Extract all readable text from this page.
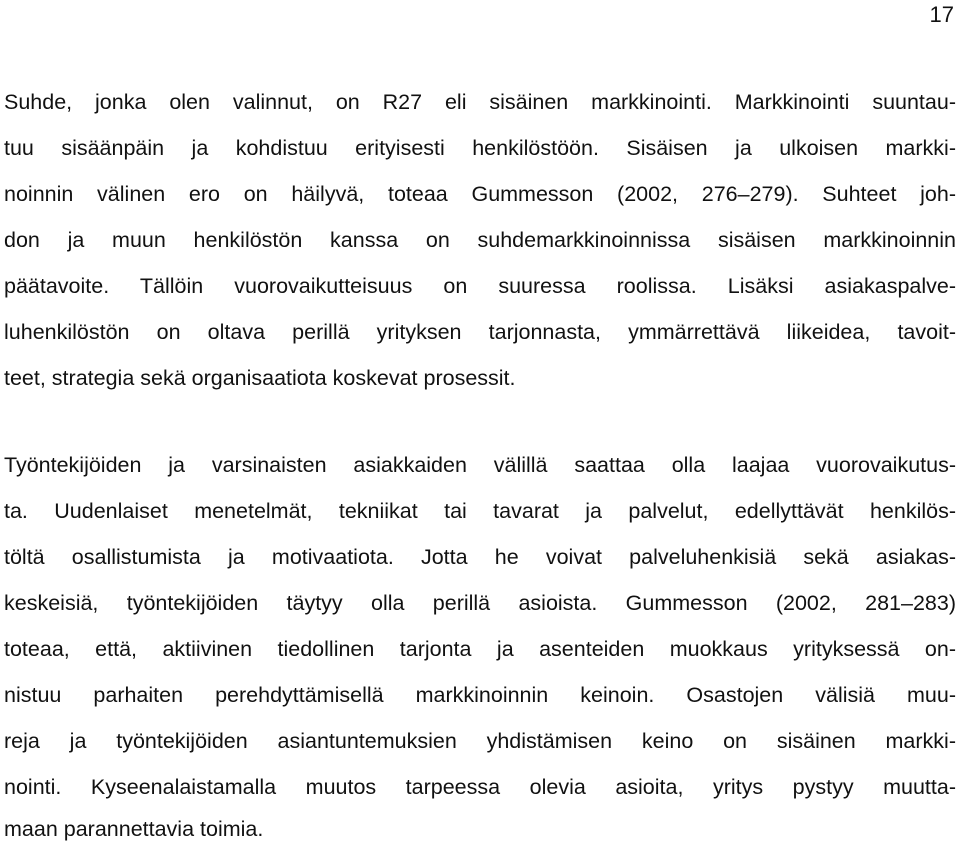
17
Suhde, jonka olen valinnut, on R27 eli sisäinen markkinointi. Markkinointi suuntau-
tuu sisäänpäin ja kohdistuu erityisesti henkilöstöön. Sisäisen ja ulkoisen markki-
noinnin välinen ero on häilyvä, toteaa Gummesson (2002, 276–279). Suhteet joh-
don ja muun henkilöstön kanssa on suhdemarkkinoinnissa sisäisen markkinoinnin
päätavoite. Tällöin vuorovaikutteisuus on suuressa roolissa. Lisäksi asiakaspalve-
luhenkilöstön on oltava perillä yrityksen tarjonnasta, ymmärrettävä liikeidea, tavoit-
teet, strategia sekä organisaatiota koskevat prosessit.
Työntekijöiden ja varsinaisten asiakkaiden välillä saattaa olla laajaa vuorovaikutus-
ta. Uudenlaiset menetelmät, tekniikat tai tavarat ja palvelut, edellyttävät henkilös-
töltä osallistumista ja motivaatiota. Jotta he voivat palveluhenkisiä sekä asiakas-
keskeisiä, työntekijöiden täytyy olla perillä asioista. Gummesson (2002, 281–283)
toteaa, että, aktiivinen tiedollinen tarjonta ja asenteiden muokkaus yrityksessä on-
nistuu parhaiten perehdyttämisellä markkinoinnin keinoin. Osastojen välisiä muu-
reja ja työntekijöiden asiantuntemuksien yhdistämisen keino on sisäinen markki-
nointi. Kyseenalaistamalla muutos tarpeessa olevia asioita, yritys pystyy muutta-
maan parannettavia toimia.
